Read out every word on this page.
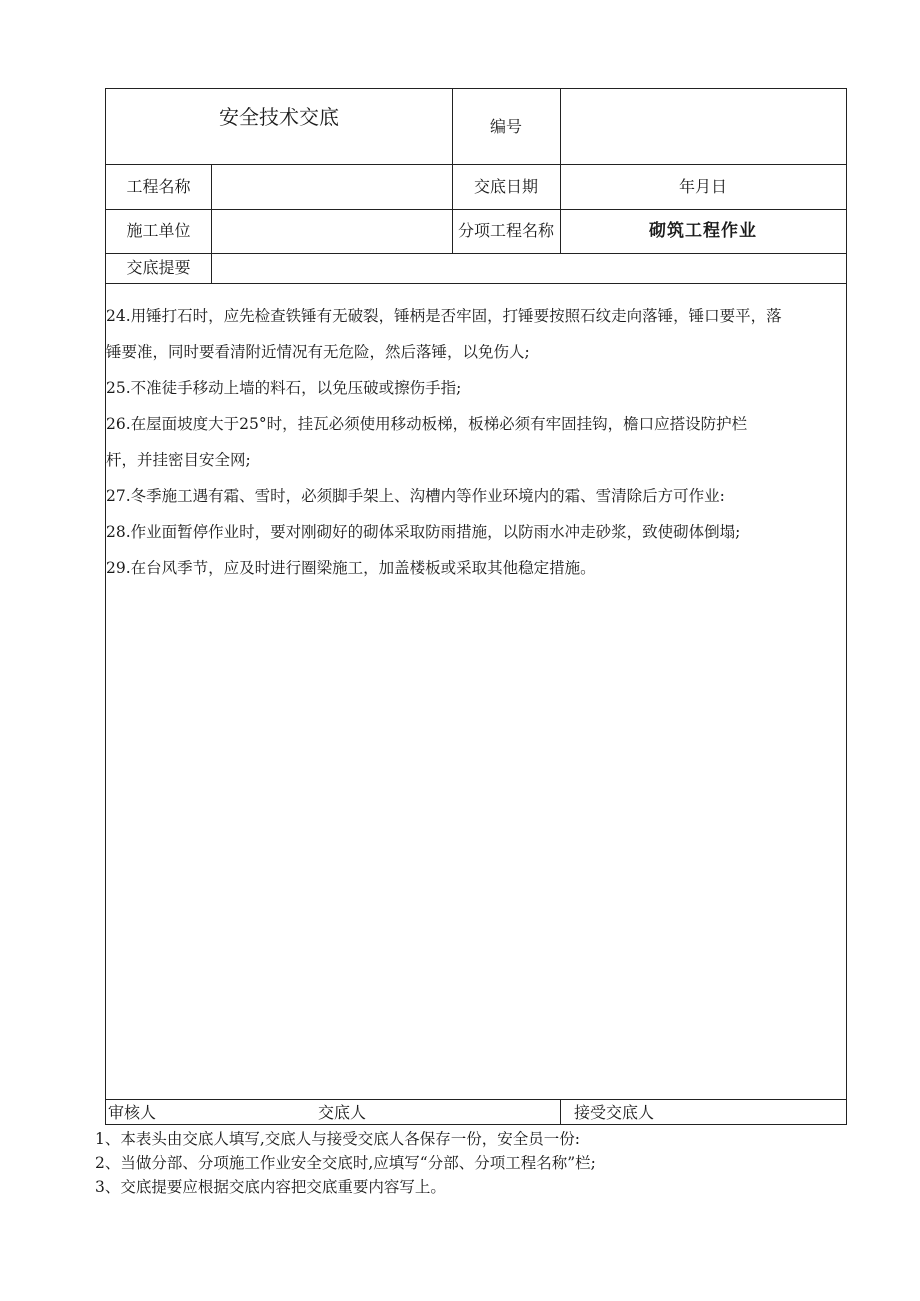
安全技术交底	编号
工程名称	交底日期	年月日
施工单位	分项工程名称	砌筑工程作业
交底提要

24.用锤打石时，应先检查铁锤有无破裂，锤柄是否牢固，打锤要按照石纹走向落锤，锤口要平，落

锤要准，同时要看清附近情况有无危险，然后落锤，以免伤人;

25.不准徒手移动上墙的料石，以免压破或擦伤手指;

26.在屋面坡度大于25°时，挂瓦必须使用移动板梯，板梯必须有牢固挂钩，檐口应搭设防护栏

杆，并挂密目安全网;

27.冬季施工遇有霜、雪时，必须脚手架上、沟槽内等作业环境内的霜、雪清除后方可作业:

28.作业面暂停作业时，要对刚砌好的砌体采取防雨措施，以防雨水冲走砂浆，致使砌体倒塌;

29.在台风季节，应及时进行圈梁施工，加盖楼板或采取其他稳定措施。

审核人	交底人	接受交底人

1、本表头由交底人填写,交底人与接受交底人各保存一份，安全员一份:

2、当做分部、分项施工作业安全交底时,应填写“分部、分项工程名称”栏;

3、交底提要应根据交底内容把交底重要内容写上。
